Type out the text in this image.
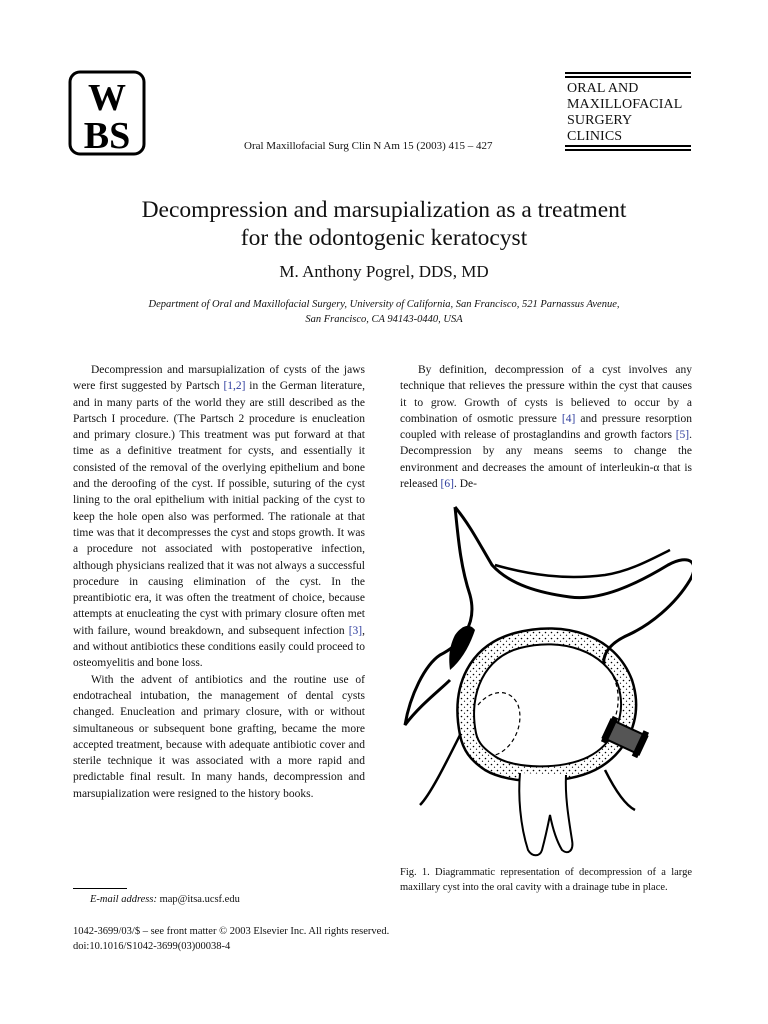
W
BS
ORAL AND
MAXILLOFACIAL
SURGERY
CLINICS
Oral Maxillofacial Surg Clin N Am 15 (2003) 415 – 427
Decompression and marsupialization as a treatment
for the odontogenic keratocyst
M. Anthony Pogrel, DDS, MD
Department of Oral and Maxillofacial Surgery, University of California, San Francisco, 521 Parnassus Avenue,
San Francisco, CA 94143-0440, USA

Decompression and marsupialization of cysts of the jaws were first suggested by Partsch [1,2] in the German literature, and in many parts of the world they are still described as the Partsch I procedure. (The Partsch 2 procedure is enucleation and primary closure.) This treatment was put forward at that time as a definitive treatment for cysts, and essentially it consisted of the removal of the overlying epithelium and bone and the deroofing of the cyst. If possible, suturing of the cyst lining to the oral epithelium with initial packing of the cyst to keep the hole open also was performed. The rationale at that time was that it decompresses the cyst and stops growth. It was a procedure not associated with postoperative infection, although physicians realized that it was not always a successful procedure in causing elimination of the cyst. In the preantibiotic era, it was often the treatment of choice, because attempts at enucleating the cyst with primary closure often met with failure, wound breakdown, and subsequent infection [3], and without antibiotics these conditions easily could proceed to osteomyelitis and bone loss.

With the advent of antibiotics and the routine use of endotracheal intubation, the management of dental cysts changed. Enucleation and primary closure, with or without simultaneous or subsequent bone grafting, became the more accepted treatment, because with adequate antibiotic cover and sterile technique it was associated with a more rapid and predictable final result. In many hands, decompression and marsupialization were resigned to the history books.

By definition, decompression of a cyst involves any technique that relieves the pressure within the cyst that causes it to grow. Growth of cysts is believed to occur by a combination of osmotic pressure [4] and pressure resorption coupled with release of prostaglandins and growth factors [5]. Decompression by any means seems to change the environment and decreases the amount of interleukin-α that is released [6]. De-

Fig. 1. Diagrammatic representation of decompression of a large maxillary cyst into the oral cavity with a drainage tube in place.
E-mail address: map@itsa.ucsf.edu
1042-3699/03/$ – see front matter © 2003 Elsevier Inc. All rights reserved.
doi:10.1016/S1042-3699(03)00038-4
